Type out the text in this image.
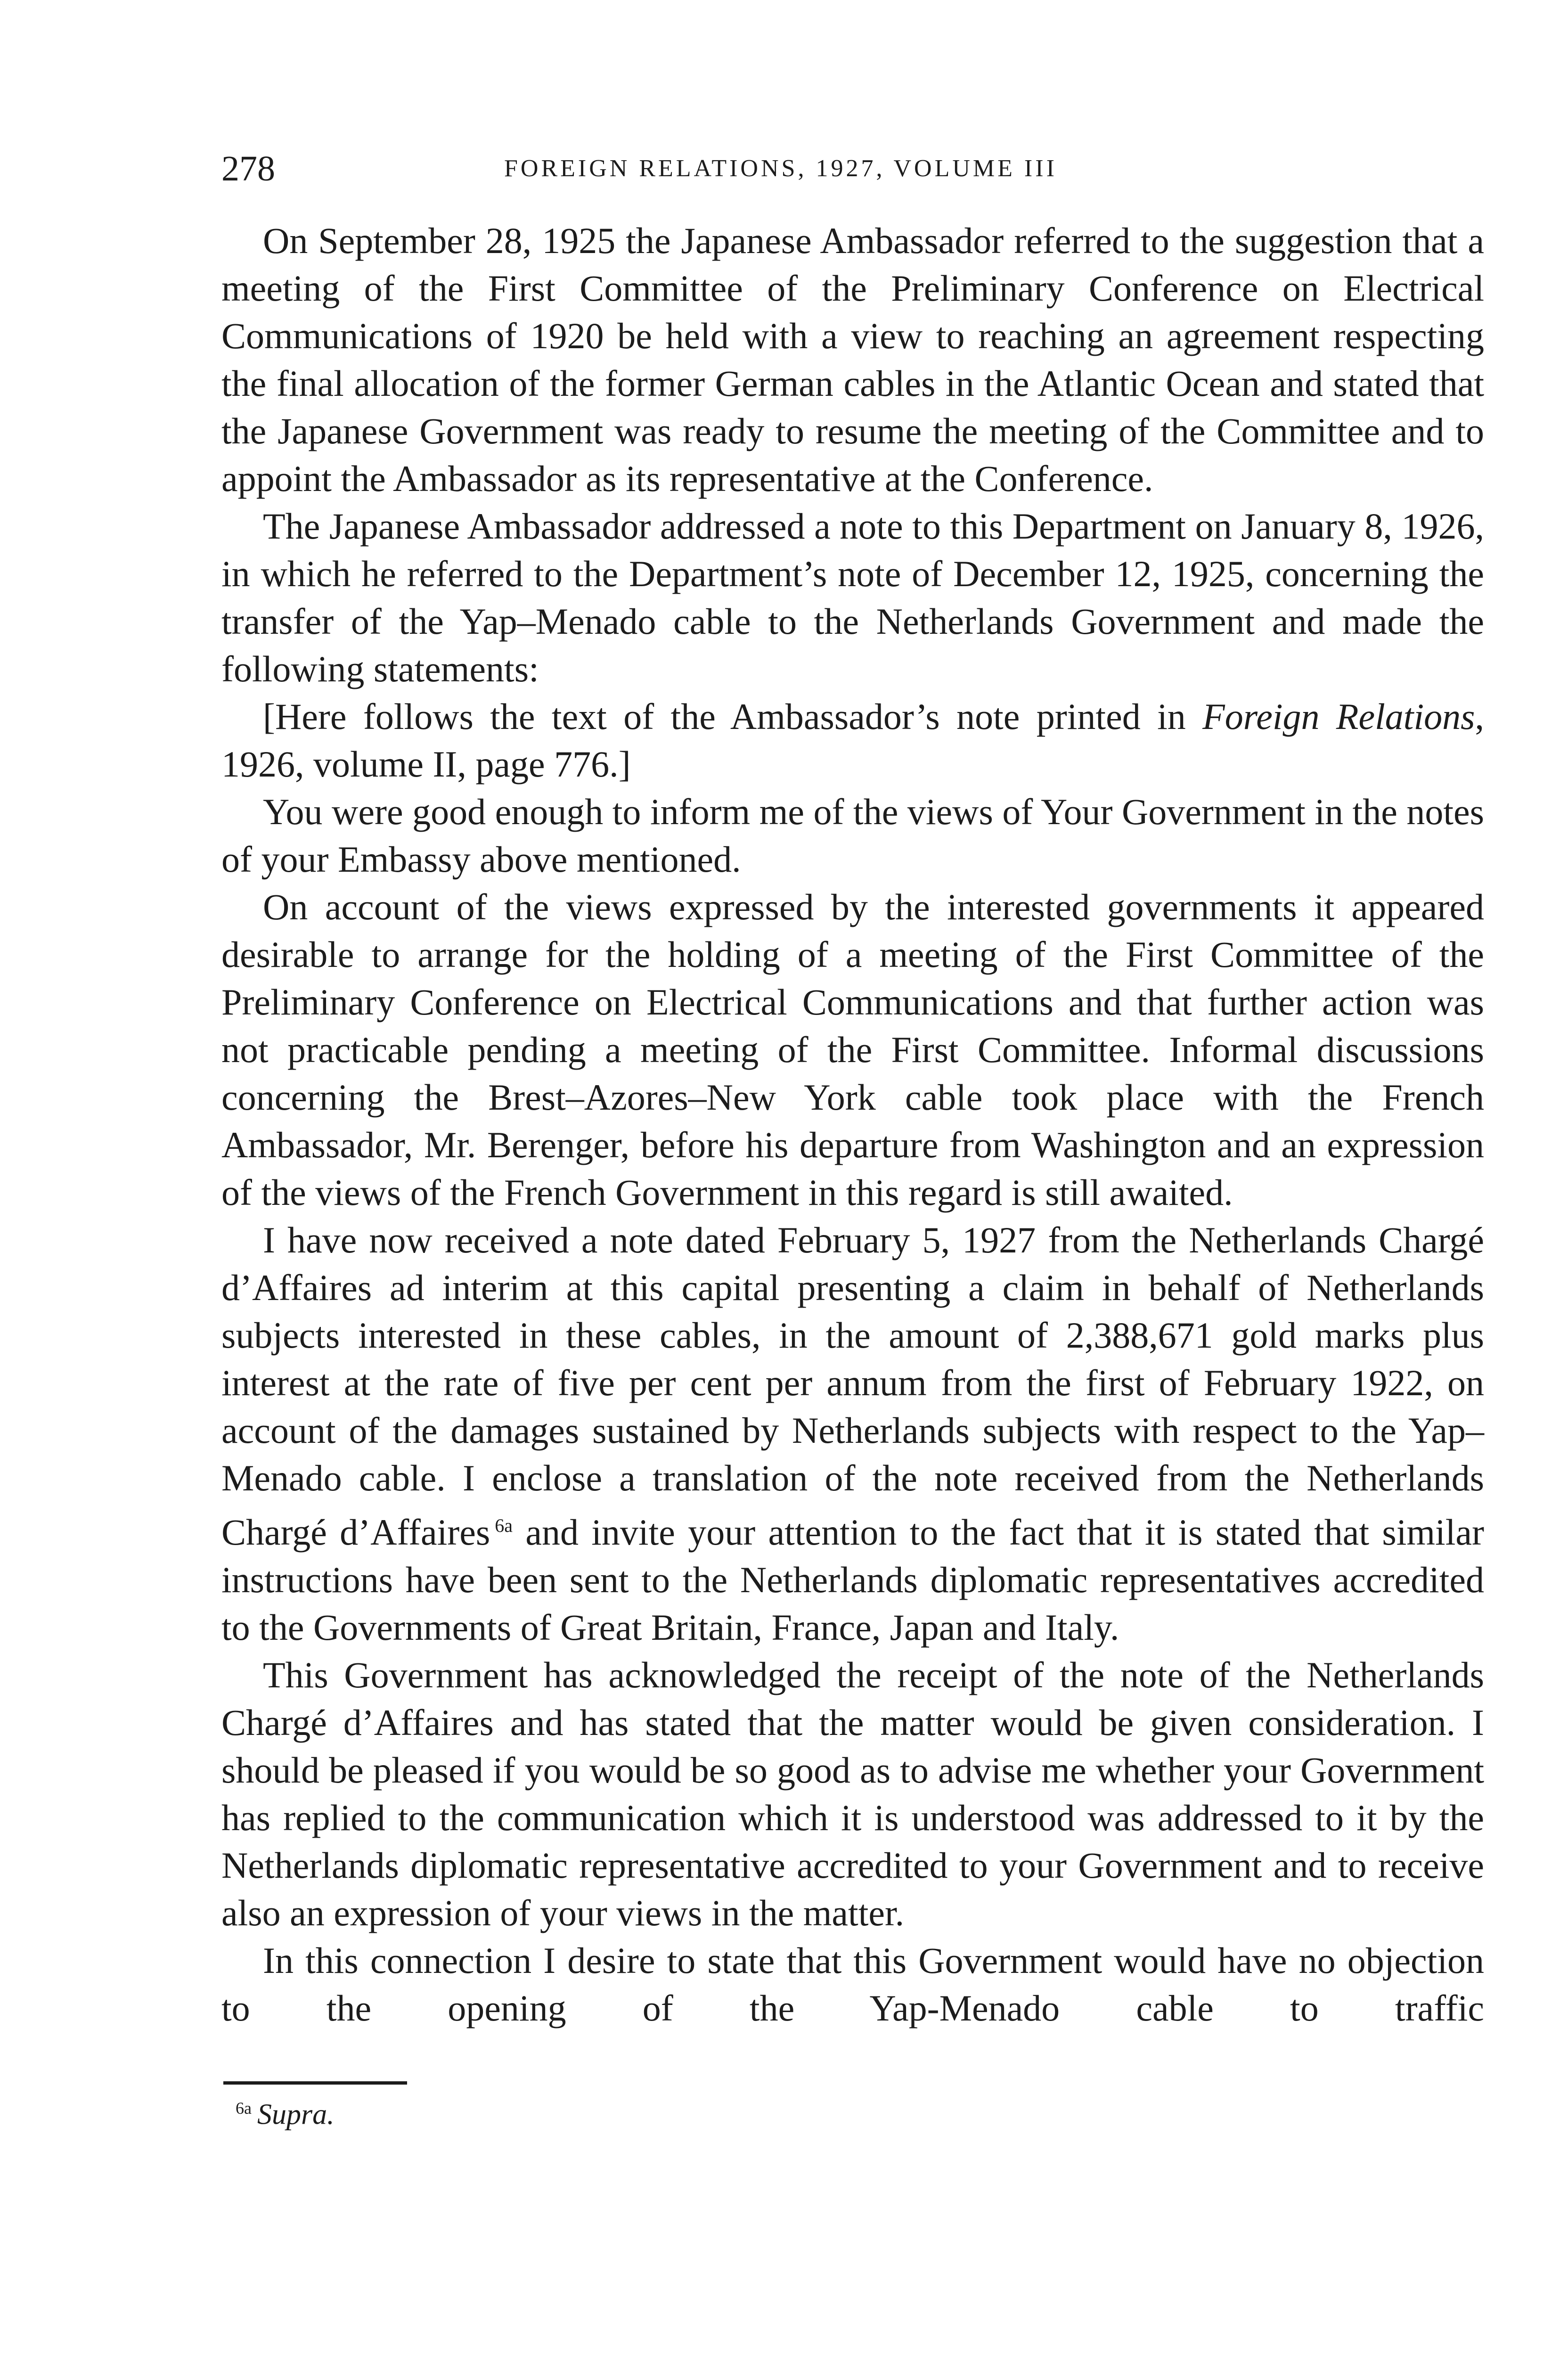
278	FOREIGN RELATIONS, 1927, VOLUME III

On September 28, 1925 the Japanese Ambassador referred to the suggestion that a meeting of the First Committee of the Preliminary Conference on Electrical Communications of 1920 be held with a view to reaching an agreement respecting the final allocation of the former German cables in the Atlantic Ocean and stated that the Japanese Government was ready to resume the meeting of the Committee and to appoint the Ambassador as its representative at the Conference.

The Japanese Ambassador addressed a note to this Department on January 8, 1926, in which he referred to the Department’s note of December 12, 1925, concerning the transfer of the Yap–Menado cable to the Netherlands Government and made the following statements:

[Here follows the text of the Ambassador’s note printed in Foreign Relations, 1926, volume II, page 776.]

You were good enough to inform me of the views of Your Government in the notes of your Embassy above mentioned.

On account of the views expressed by the interested governments it appeared desirable to arrange for the holding of a meeting of the First Committee of the Preliminary Conference on Electrical Communications and that further action was not practicable pending a meeting of the First Committee. Informal discussions concerning the Brest–Azores–New York cable took place with the French Ambassador, Mr. Berenger, before his departure from Washington and an expression of the views of the French Government in this regard is still awaited.

I have now received a note dated February 5, 1927 from the Netherlands Chargé d’Affaires ad interim at this capital presenting a claim in behalf of Netherlands subjects interested in these cables, in the amount of 2,388,671 gold marks plus interest at the rate of five per cent per annum from the first of February 1922, on account of the damages sustained by Netherlands subjects with respect to the Yap–Menado cable. I enclose a translation of the note received from the Netherlands Chargé d’Affaires $^{6a}$ and invite your attention to the fact that it is stated that similar instructions have been sent to the Netherlands diplomatic representatives accredited to the Governments of Great Britain, France, Japan and Italy.

This Government has acknowledged the receipt of the note of the Netherlands Chargé d’Affaires and has stated that the matter would be given consideration. I should be pleased if you would be so good as to advise me whether your Government has replied to the communication which it is understood was addressed to it by the Netherlands diplomatic representative accredited to your Government and to receive also an expression of your views in the matter.

In this connection I desire to state that this Government would have no objection to the opening of the Yap-Menado cable to traffic

$^{6a}$ Supra.
